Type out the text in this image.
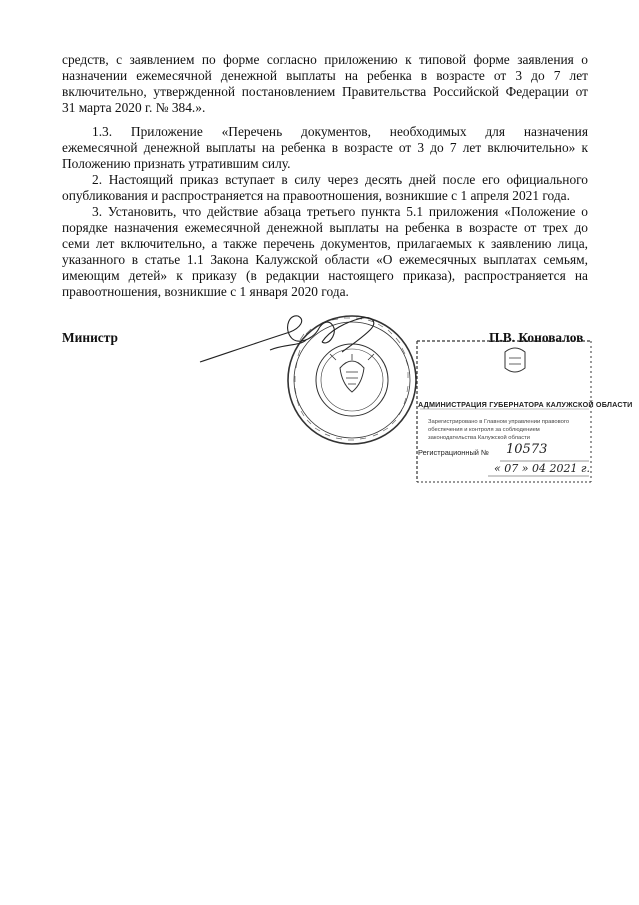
средств, с заявлением по форме согласно приложению к типовой форме заявления о
назначении ежемесячной денежной выплаты на ребенка в возрасте от 3 до 7 лет
включительно, утвержденной постановлением Правительства Российской Федерации от
31 марта 2020 г. № 384.».
1.3. Приложение «Перечень документов, необходимых для назначения
ежемесячной денежной выплаты на ребенка в возрасте от 3 до 7 лет включительно» к
Положению признать утратившим силу.
2. Настоящий приказ вступает в силу через десять дней после его официального
опубликования и распространяется на правоотношения, возникшие с 1 апреля 2021 года.
3. Установить, что действие абзаца третьего пункта 5.1 приложения «Положение о
порядке назначения ежемесячной денежной выплаты на ребенка в возрасте от трех до
семи лет включительно, а также перечень документов, прилагаемых к заявлению лица,
указанного в статье 1.1 Закона Калужской области «О ежемесячных выплатах семьям,
имеющим детей» к приказу (в редакции настоящего приказа), распространяется на
правоотношения, возникшие с 1 января 2020 года.
Министр	П.В. Коновалов
АДМИНИСТРАЦИЯ ГУБЕРНАТОРА КАЛУЖСКОЙ ОБЛАСТИ
Зарегистрировано в Главном управлении правового обеспечения и контроля за соблюдением законодательства Калужской области
Регистрационный № 10573
« 07 » 04 2021 г.
